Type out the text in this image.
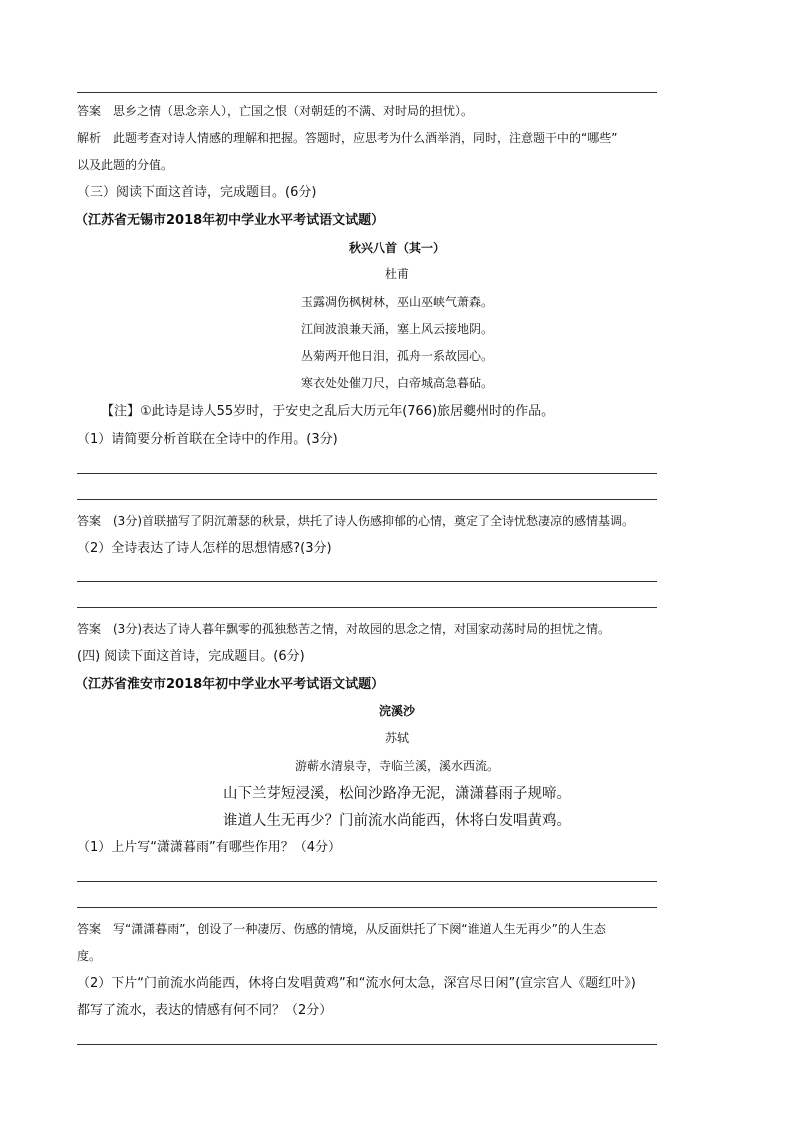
答案　思乡之情（思念亲人），亡国之恨（对朝廷的不满、对时局的担忧）。
解析　此题考查对诗人情感的理解和把握。答题时，应思考为什么酒举消，同时，注意题干中的“哪些”
以及此题的分值。
（三）阅读下面这首诗，完成题目。(6分)
（江苏省无锡市2018年初中学业水平考试语文试题）
秋兴八首（其一）
杜甫
玉露凋伤枫树林，巫山巫峡气萧森。
江间波浪兼天涌，塞上风云接地阴。
丛菊两开他日泪，孤舟一系故园心。
寒衣处处催刀尺，白帝城高急暮砧。
【注】①此诗是诗人55岁时，于安史之乱后大历元年(766)旅居夔州时的作品。
（1）请简要分析首联在全诗中的作用。(3分)
答案　(3分)首联描写了阴沉萧瑟的秋景，烘托了诗人伤感抑郁的心情，奠定了全诗忧愁凄凉的感情基调。
（2）全诗表达了诗人怎样的思想情感?(3分)
答案　(3分)表达了诗人暮年飘零的孤独愁苦之情，对故园的思念之情，对国家动荡时局的担忧之情。
(四) 阅读下面这首诗，完成题目。(6分)
（江苏省淮安市2018年初中学业水平考试语文试题）
浣溪沙
苏轼
游蕲水清泉寺，寺临兰溪，溪水西流。
山下兰芽短浸溪，松间沙路净无泥，潇潇暮雨子规啼。
谁道人生无再少？门前流水尚能西，休将白发唱黄鸡。
（1）上片写“潇潇暮雨”有哪些作用？（4分）
答案　写“潇潇暮雨”，创设了一种凄厉、伤感的情境，从反面烘托了下阕“谁道人生无再少”的人生态
度。
（2）下片“门前流水尚能西，休将白发唱黄鸡”和“流水何太急，深宫尽日闲”(宣宗宫人《题红叶》)
都写了流水，表达的情感有何不同？（2分）
